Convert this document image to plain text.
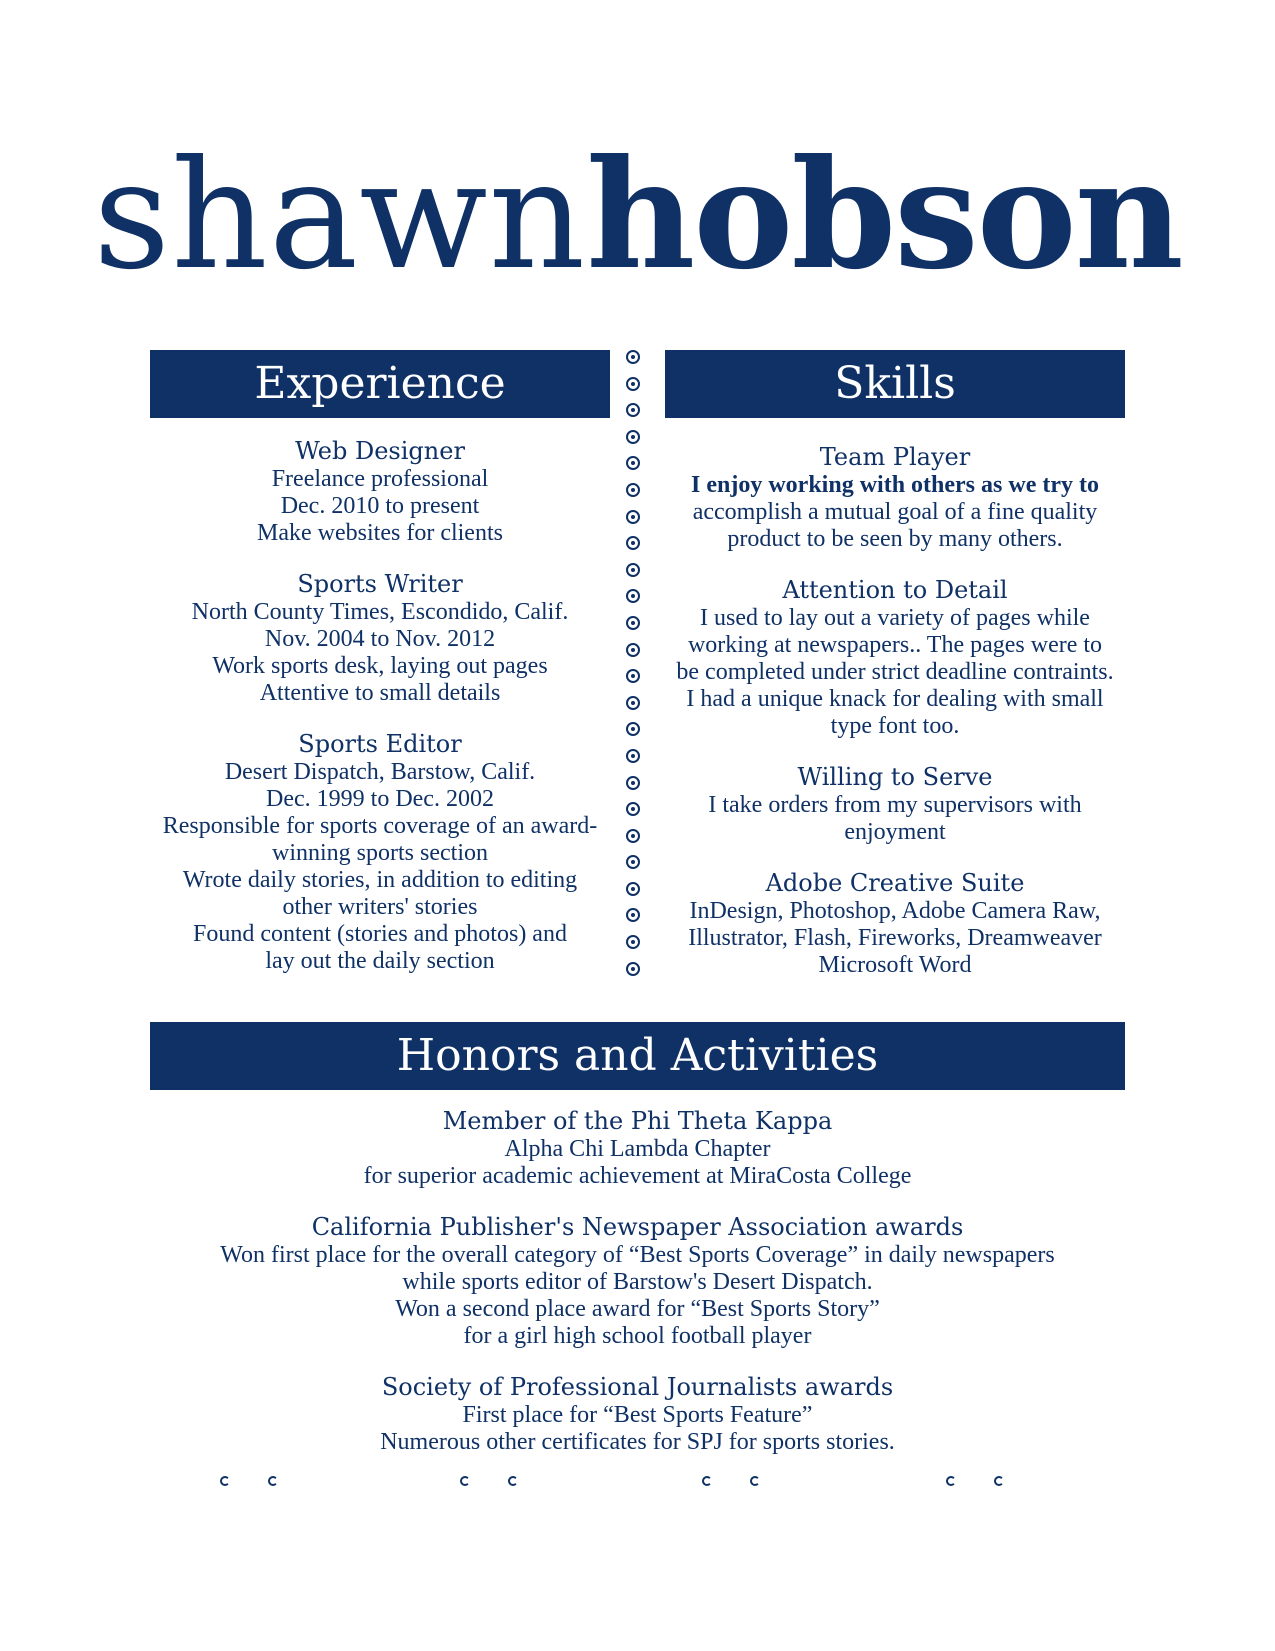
shawnhobson
Experience	Skills
Web Designer
Freelance professional
Dec. 2010 to present
Make websites for clients
Sports Writer
North County Times, Escondido, Calif.
Nov. 2004 to Nov. 2012
Work sports desk, laying out pages
Attentive to small details
Sports Editor
Desert Dispatch, Barstow, Calif.
Dec. 1999 to Dec. 2002
Responsible for sports coverage of an award-
winning sports section
Wrote daily stories, in addition to editing
other writers' stories
Found content (stories and photos) and
lay out the daily section
Team Player
I enjoy working with others as we try to
accomplish a mutual goal of a fine quality
product to be seen by many others.
Attention to Detail
I used to lay out a variety of pages while
working at newspapers.. The pages were to
be completed under strict deadline contraints.
I had a unique knack for dealing with small
type font too.
Willing to Serve
I take orders from my supervisors with
enjoyment
Adobe Creative Suite
InDesign, Photoshop, Adobe Camera Raw,
Illustrator, Flash, Fireworks, Dreamweaver
Microsoft Word
Honors and Activities
Member of the Phi Theta Kappa
Alpha Chi Lambda Chapter
for superior academic achievement at MiraCosta College
California Publisher's Newspaper Association awards
Won first place for the overall category of “Best Sports Coverage” in daily newspapers
while sports editor of Barstow's Desert Dispatch.
Won a second place award for “Best Sports Story”
for a girl high school football player
Society of Professional Journalists awards
First place for “Best Sports Feature”
Numerous other certificates for SPJ for sports stories.
